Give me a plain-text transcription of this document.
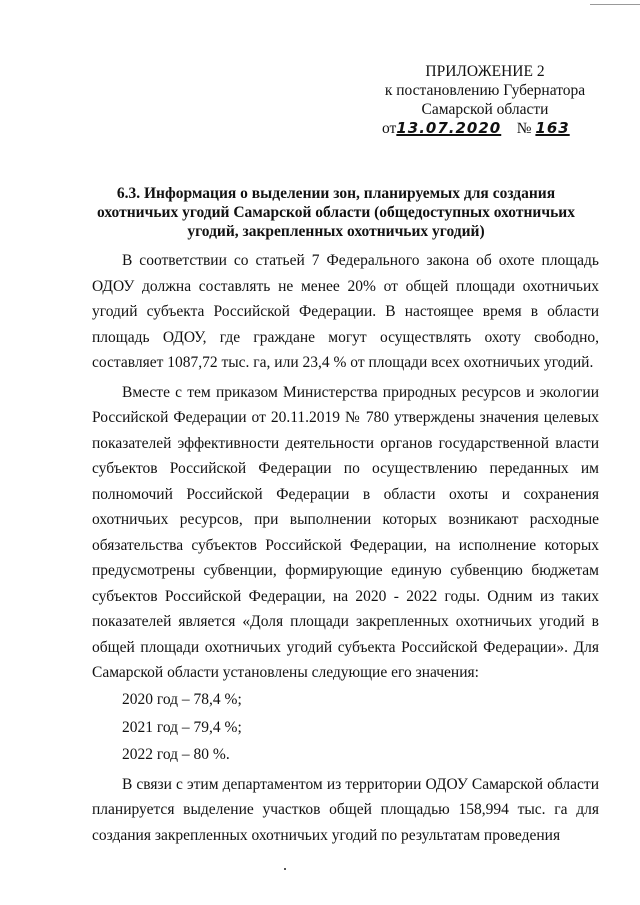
ПРИЛОЖЕНИЕ 2
к постановлению Губернатора
Самарской области
от13.07.2020 № 163
6.3. Информация о выделении зон, планируемых для создания охотничьих угодий Самарской области (общедоступных охотничьих угодий, закрепленных охотничьих угодий)

В соответствии со статьей 7 Федерального закона об охоте площадь ОДОУ должна составлять не менее 20% от общей площади охотничьих угодий субъекта Российской Федерации. В настоящее время в области площадь ОДОУ, где граждане могут осуществлять охоту свободно, составляет 1087,72 тыс. га, или 23,4 % от площади всех охотничьих угодий.

Вместе с тем приказом Министерства природных ресурсов и экологии Российской Федерации от 20.11.2019 № 780 утверждены значения целевых показателей эффективности деятельности органов государственной власти субъектов Российской Федерации по осуществлению переданных им полномочий Российской Федерации в области охоты и сохранения охотничьих ресурсов, при выполнении которых возникают расходные обязательства субъектов Российской Федерации, на исполнение которых предусмотрены субвенции, формирующие единую субвенцию бюджетам субъектов Российской Федерации, на 2020 - 2022 годы. Одним из таких показателей является «Доля площади закрепленных охотничьих угодий в общей площади охотничьих угодий субъекта Российской Федерации». Для Самарской области установлены следующие его значения:

2020 год – 78,4 %;

2021 год – 79,4 %;

2022 год – 80 %.

В связи с этим департаментом из территории ОДОУ Самарской области планируется выделение участков общей площадью 158,994 тыс. га для создания закрепленных охотничьих угодий по результатам проведения
